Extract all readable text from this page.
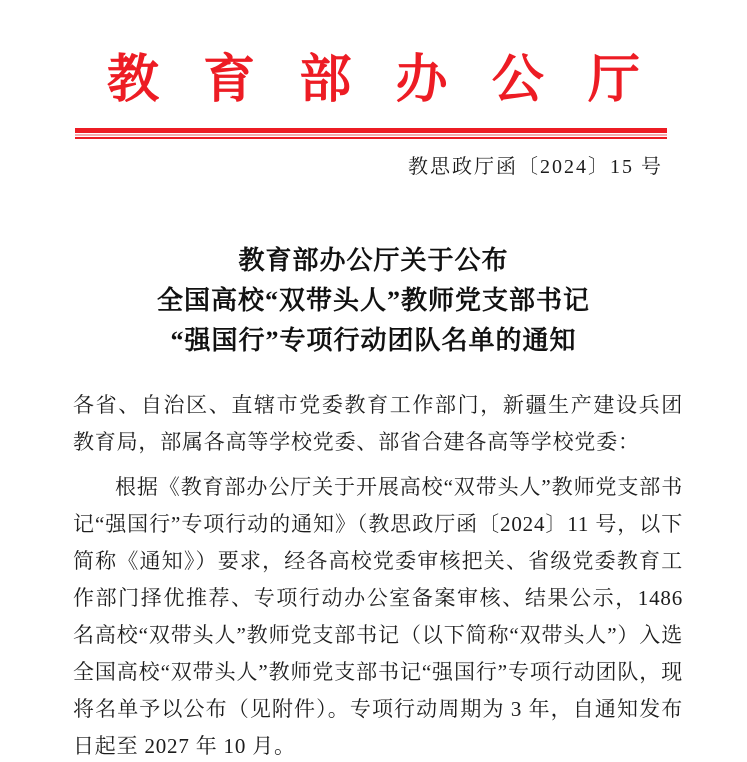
教育部办公厅
教思政厅函〔2024〕15 号
教育部办公厅关于公布
全国高校“双带头人”教师党支部书记
“强国行”专项行动团队名单的通知

各省、自治区、直辖市党委教育工作部门，新疆生产建设兵团教育局，部属各高等学校党委、部省合建各高等学校党委：

根据《教育部办公厅关于开展高校“双带头人”教师党支部书记“强国行”专项行动的通知》（教思政厅函〔2024〕11 号，以下简称《通知》）要求，经各高校党委审核把关、省级党委教育工作部门择优推荐、专项行动办公室备案审核、结果公示，1486 名高校“双带头人”教师党支部书记（以下简称“双带头人”）入选全国高校“双带头人”教师党支部书记“强国行”专项行动团队，现将名单予以公布（见附件）。专项行动周期为 3 年，自通知发布日起至 2027 年 10 月。
